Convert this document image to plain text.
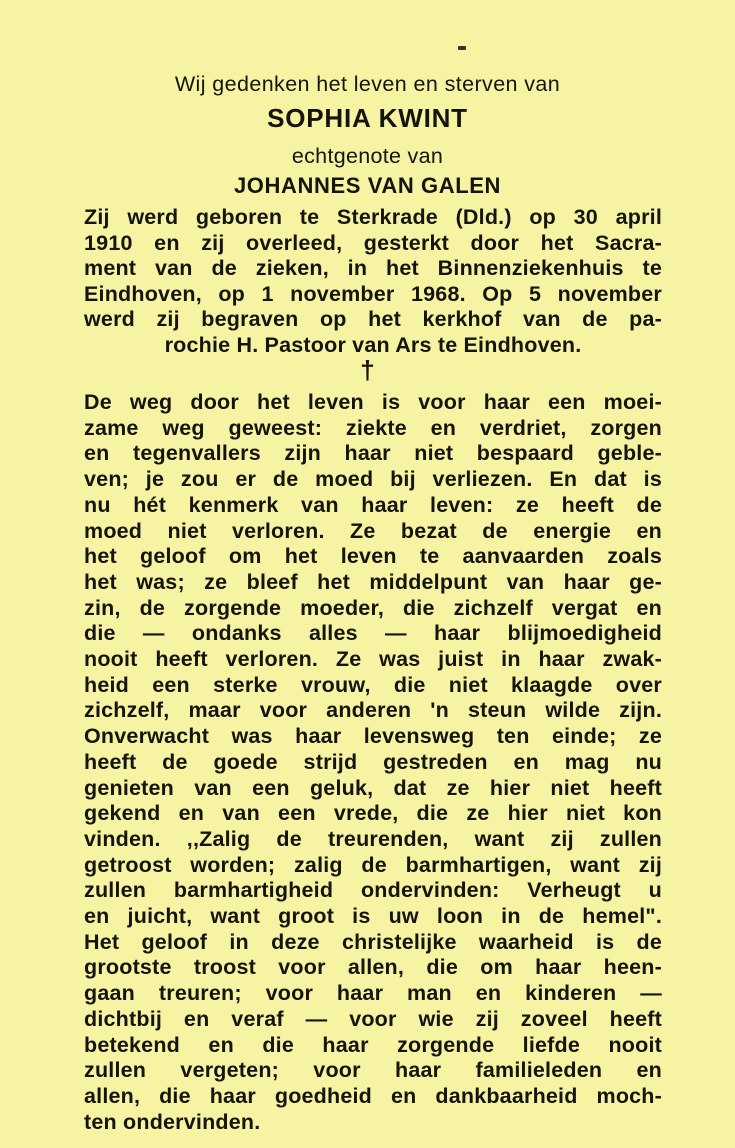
Wij gedenken het leven en sterven van
SOPHIA KWINT
echtgenote van
JOHANNES VAN GALEN
Zij werd geboren te Sterkrade (Dld.) op 30 april
1910 en zij overleed, gesterkt door het Sacra-
ment van de zieken, in het Binnenziekenhuis te
Eindhoven, op 1 november 1968. Op 5 november
werd zij begraven op het kerkhof van de pa-
rochie H. Pastoor van Ars te Eindhoven.
†
De weg door het leven is voor haar een moei-
zame weg geweest: ziekte en verdriet, zorgen
en tegenvallers zijn haar niet bespaard geble-
ven; je zou er de moed bij verliezen. En dat is
nu hét kenmerk van haar leven: ze heeft de
moed niet verloren. Ze bezat de energie en
het geloof om het leven te aanvaarden zoals
het was; ze bleef het middelpunt van haar ge-
zin, de zorgende moeder, die zichzelf vergat en
die — ondanks alles — haar blijmoedigheid
nooit heeft verloren. Ze was juist in haar zwak-
heid een sterke vrouw, die niet klaagde over
zichzelf, maar voor anderen 'n steun wilde zijn.
Onverwacht was haar levensweg ten einde; ze
heeft de goede strijd gestreden en mag nu
genieten van een geluk, dat ze hier niet heeft
gekend en van een vrede, die ze hier niet kon
vinden. ,,Zalig de treurenden, want zij zullen
getroost worden; zalig de barmhartigen, want zij
zullen barmhartigheid ondervinden: Verheugt u
en juicht, want groot is uw loon in de hemel".
Het geloof in deze christelijke waarheid is de
grootste troost voor allen, die om haar heen-
gaan treuren; voor haar man en kinderen —
dichtbij en veraf — voor wie zij zoveel heeft
betekend en die haar zorgende liefde nooit
zullen vergeten; voor haar familieleden en
allen, die haar goedheid en dankbaarheid moch-
ten ondervinden.
